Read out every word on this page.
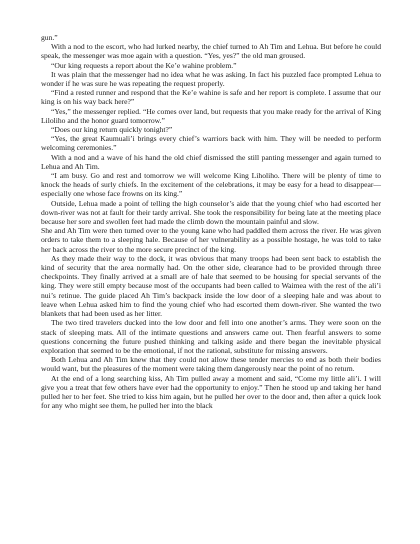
gun.”

With a nod to the escort, who had lurked nearby, the chief turned to Ah Tim and Lehua. But before he could speak, the messenger was moe again with a question. “Yes, yes?” the old man groused.

“Our king requests a report about the Ke’e wahine problem.”

It was plain that the messenger had no idea what he was asking. In fact his puzzled face prompted Lehua to wonder if he was sure he was repeating the request properly.

“Find a rested runner and respond that the Ke’e wahine is safe and her report is complete. I assume that our king is on his way back here?”

“Yes,” the messenger replied. “He comes over land, but requests that you make ready for the arrival of King Liloliho and the honor guard tomorrow.”

“Does our king return quickly tonight?”

“Yes, the great Kaumuali’i brings every chief’s warriors back with him. They will be needed to perform welcoming ceremonies.”

With a nod and a wave of his hand the old chief dismissed the still panting messenger and again turned to Lehua and Ah Tim.

“I am busy. Go and rest and tomorrow we will welcome King Liholiho. There will be plenty of time to knock the heads of surly chiefs. In the excitement of the celebrations, it may be easy for a head to disappear—especially one whose face frowns on its king.”

Outside, Lehua made a point of telling the high counselor’s aide that the young chief who had escorted her down-river was not at fault for their tardy arrival. She took the responsibility for being late at the meeting place because her sore and swollen feet had made the climb down the mountain painful and slow.

She and Ah Tim were then turned over to the young kane who had paddled them across the river. He was given orders to take them to a sleeping hale. Because of her vulnerability as a possible hostage, he was told to take her back across the river to the more secure precinct of the king.

As they made their way to the dock, it was obvious that many troops had been sent back to establish the kind of security that the area normally had. On the other side, clearance had to be provided through three checkpoints. They finally arrived at a small are of hale that seemed to be housing for special servants of the king. They were still empty because most of the occupants had been called to Waimea with the rest of the ali’i nui’s retinue. The guide placed Ah Tim’s backpack inside the low door of a sleeping hale and was about to leave when Lehua asked him to find the young chief who had escorted them down-river. She wanted the two blankets that had been used as her litter.

The two tired travelers ducked into the low door and fell into one another’s arms. They were soon on the stack of sleeping mats. All of the intimate questions and answers came out. Then fearful answers to some questions concerning the future pushed thinking and talking aside and there began the inevitable physical exploration that seemed to be the emotional, if not the rational, substitute for missing answers.

Both Lehua and Ah Tim knew that they could not allow these tender mercies to end as both their bodies would want, but the pleasures of the moment were taking them dangerously near the point of no return.

At the end of a long searching kiss, Ah Tim pulled away a moment and said, “Come my little ali’i. I will give you a treat that few others have ever had the opportunity to enjoy.” Then he stood up and taking her hand pulled her to her feet. She tried to kiss him again, but he pulled her over to the door and, then after a quick look for any who might see them, he pulled her into the black
